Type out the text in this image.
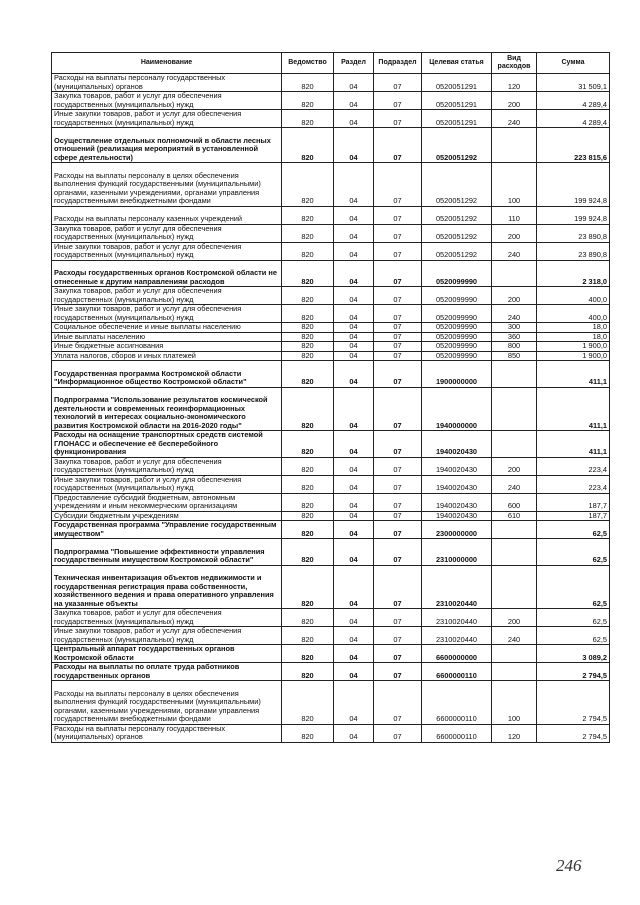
Наименование	Ведомство	Раздел	Подраздел	Целевая статья	Вид расходов	Сумма
Расходы на выплаты персоналу государственных (муниципальных) органов	820	04	07	0520051291	120	31 509,1
Закупка товаров, работ и услуг для обеспечения государственных (муниципальных) нужд	820	04	07	0520051291	200	4 289,4
Иные закупки товаров, работ и услуг для обеспечения государственных (муниципальных) нужд	820	04	07	0520051291	240	4 289,4
Осуществление отдельных полномочий в области лесных отношений (реализация мероприятий в установленной сфере деятельности)	820	04	07	0520051292		223 815,6
Расходы на выплаты персоналу в целях обеспечения выполнения функций государственными (муниципальными) органами, казенными учреждениями, органами управления государственными внебюджетными фондами	820	04	07	0520051292	100	199 924,8
Расходы на выплаты персоналу казенных учреждений	820	04	07	0520051292	110	199 924,8
Закупка товаров, работ и услуг для обеспечения государственных (муниципальных) нужд	820	04	07	0520051292	200	23 890,8
Иные закупки товаров, работ и услуг для обеспечения государственных (муниципальных) нужд	820	04	07	0520051292	240	23 890,8
Расходы государственных органов Костромской области не отнесенные к другим направлениям расходов	820	04	07	0520099990		2 318,0
Закупка товаров, работ и услуг для обеспечения государственных (муниципальных) нужд	820	04	07	0520099990	200	400,0
Иные закупки товаров, работ и услуг для обеспечения государственных (муниципальных) нужд	820	04	07	0520099990	240	400,0
Социальное обеспечение и иные выплаты населению	820	04	07	0520099990	300	18,0
Иные выплаты населению	820	04	07	0520099990	360	18,0
Иные бюджетные ассигнования	820	04	07	0520099990	800	1 900,0
Уплата налогов, сборов и иных платежей	820	04	07	0520099990	850	1 900,0
Государственная программа Костромской области "Информационное общество Костромской области"	820	04	07	1900000000		411,1
Подпрограмма "Использование результатов космической деятельности и современных геоинформационных технологий в интересах социально-экономического развития Костромской области на 2016-2020 годы"	820	04	07	1940000000		411,1
Расходы на оснащение транспортных средств системой ГЛОНАСС и обеспечение её бесперебойного функционирования	820	04	07	1940020430		411,1
Закупка товаров, работ и услуг для обеспечения государственных (муниципальных) нужд	820	04	07	1940020430	200	223,4
Иные закупки товаров, работ и услуг для обеспечения государственных (муниципальных) нужд	820	04	07	1940020430	240	223,4
Предоставление субсидий бюджетным, автономным учреждениям и иным некоммерческим организациям	820	04	07	1940020430	600	187,7
Субсидии бюджетным учреждениям	820	04	07	1940020430	610	187,7
Государственная программа "Управление государственным имуществом"	820	04	07	2300000000		62,5
Подпрограмма "Повышение эффективности управления государственным имуществом Костромской области"	820	04	07	2310000000		62,5
Техническая инвентаризация объектов недвижимости и государственная регистрация права собственности, хозяйственного ведения и права оперативного управления на указанные объекты	820	04	07	2310020440		62,5
Закупка товаров, работ и услуг для обеспечения государственных (муниципальных) нужд	820	04	07	2310020440	200	62,5
Иные закупки товаров, работ и услуг для обеспечения государственных (муниципальных) нужд	820	04	07	2310020440	240	62,5
Центральный аппарат государственных органов Костромской области	820	04	07	6600000000		3 089,2
Расходы на выплаты по оплате труда работников государственных органов	820	04	07	6600000110		2 794,5
Расходы на выплаты персоналу в целях обеспечения выполнения функций государственными (муниципальными) органами, казенными учреждениями, органами управления государственными внебюджетными фондами	820	04	07	6600000110	100	2 794,5
Расходы на выплаты персоналу государственных (муниципальных) органов	820	04	07	6600000110	120	2 794,5
246
